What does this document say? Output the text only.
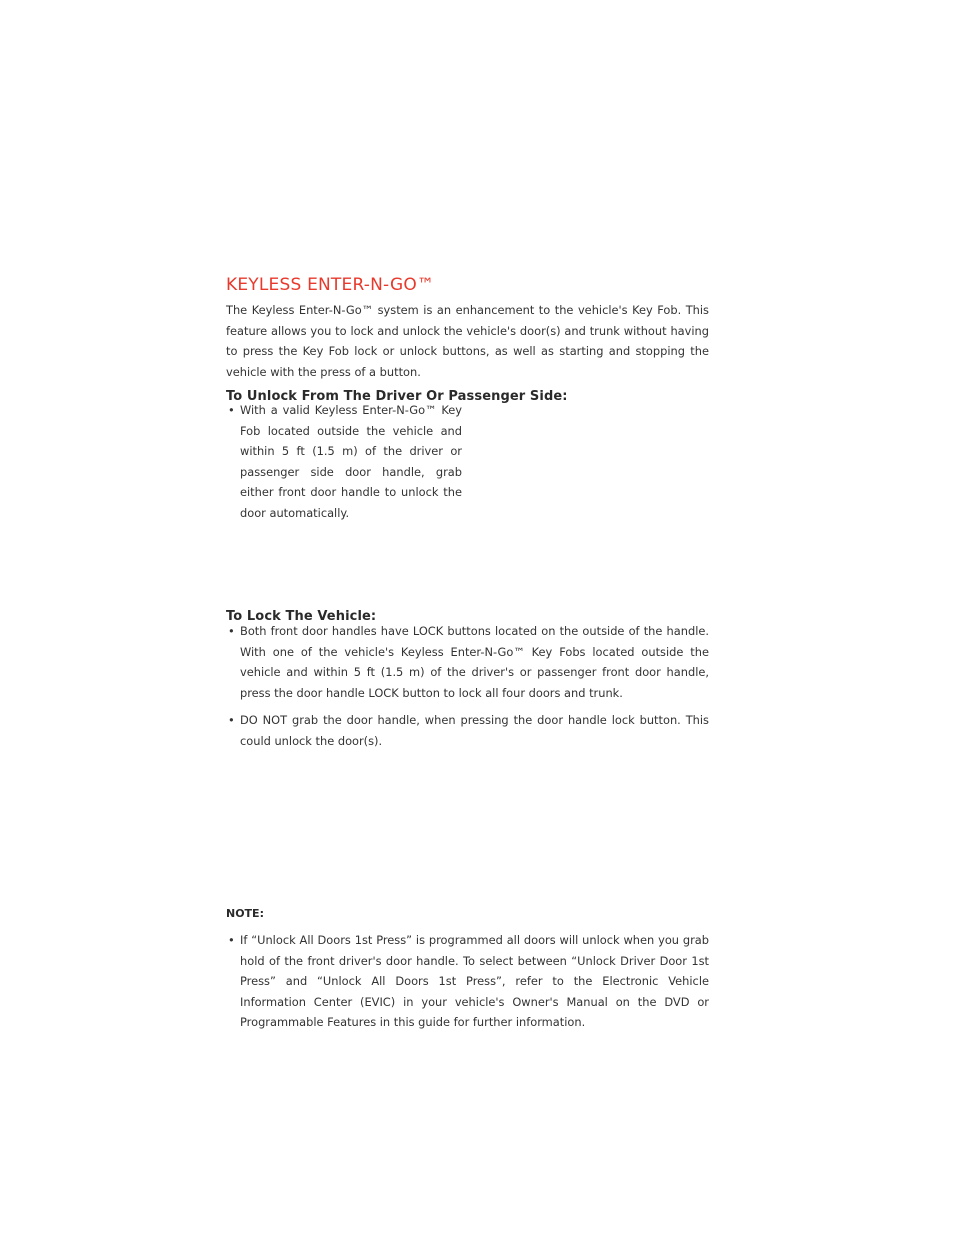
KEYLESS ENTER-N-GO™

The Keyless Enter-N-Go™ system is an enhancement to the vehicle's Key Fob. This feature allows you to lock and unlock the vehicle's door(s) and trunk without having to press the Key Fob lock or unlock buttons, as well as starting and stopping the vehicle with the press of a button.

To Unlock From The Driver Or Passenger Side:
• With a valid Keyless Enter-N-Go™ Key Fob located outside the vehicle and within 5 ft (1.5 m) of the driver or passenger side door handle, grab either front door handle to unlock the door automatically.
To Lock The Vehicle:
• Both front door handles have LOCK buttons located on the outside of the handle. With one of the vehicle's Keyless Enter-N-Go™ Key Fobs located outside the vehicle and within 5 ft (1.5 m) of the driver's or passenger front door handle, press the door handle LOCK button to lock all four doors and trunk.
• DO NOT grab the door handle, when pressing the door handle lock button. This could unlock the door(s).
NOTE:
• If “Unlock All Doors 1st Press” is programmed all doors will unlock when you grab hold of the front driver's door handle. To select between “Unlock Driver Door 1st Press” and “Unlock All Doors 1st Press”, refer to the Electronic Vehicle Information Center (EVIC) in your vehicle's Owner's Manual on the DVD or Programmable Features in this guide for further information.
